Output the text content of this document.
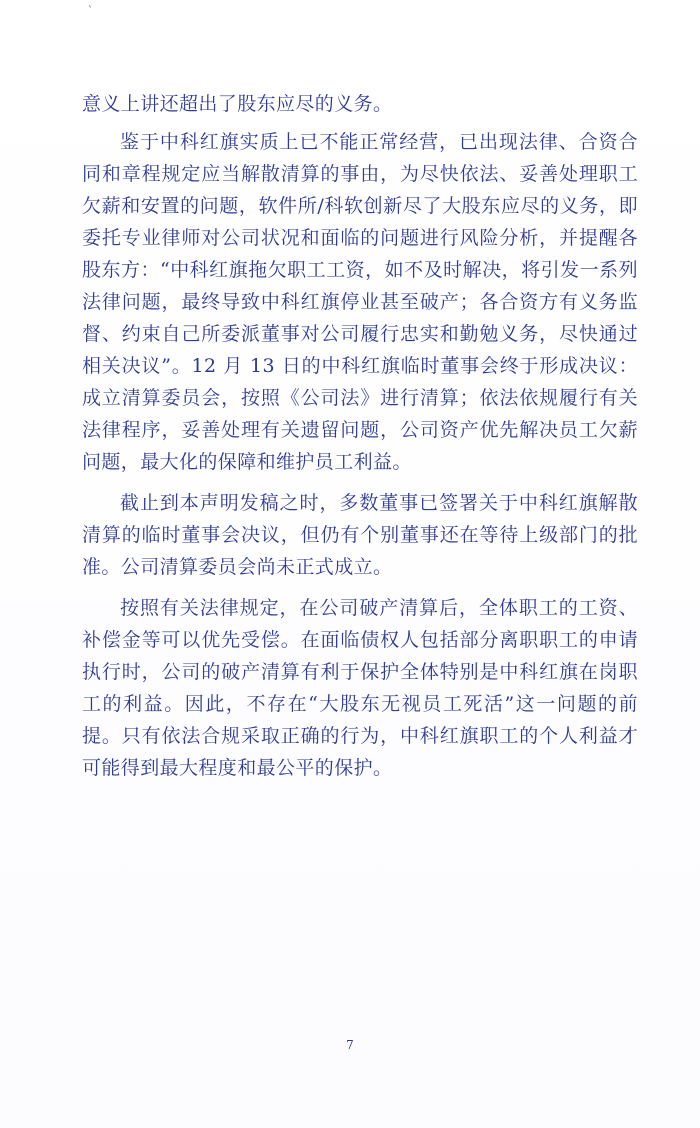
`

意义上讲还超出了股东应尽的义务。

鉴于中科红旗实质上已不能正常经营，已出现法律、合资合同和章程规定应当解散清算的事由，为尽快依法、妥善处理职工欠薪和安置的问题，软件所/科软创新尽了大股东应尽的义务，即委托专业律师对公司状况和面临的问题进行风险分析，并提醒各股东方：“中科红旗拖欠职工工资，如不及时解决，将引发一系列法律问题，最终导致中科红旗停业甚至破产；各合资方有义务监督、约束自己所委派董事对公司履行忠实和勤勉义务，尽快通过相关决议”。12 月 13 日的中科红旗临时董事会终于形成决议：成立清算委员会，按照《公司法》进行清算；依法依规履行有关法律程序，妥善处理有关遗留问题，公司资产优先解决员工欠薪问题，最大化的保障和维护员工利益。

截止到本声明发稿之时，多数董事已签署关于中科红旗解散清算的临时董事会决议，但仍有个别董事还在等待上级部门的批准。公司清算委员会尚未正式成立。

按照有关法律规定，在公司破产清算后，全体职工的工资、补偿金等可以优先受偿。在面临债权人包括部分离职职工的申请执行时，公司的破产清算有利于保护全体特别是中科红旗在岗职工的利益。因此，不存在“大股东无视员工死活”这一问题的前提。只有依法合规采取正确的行为，中科红旗职工的个人利益才可能得到最大程度和最公平的保护。

7
